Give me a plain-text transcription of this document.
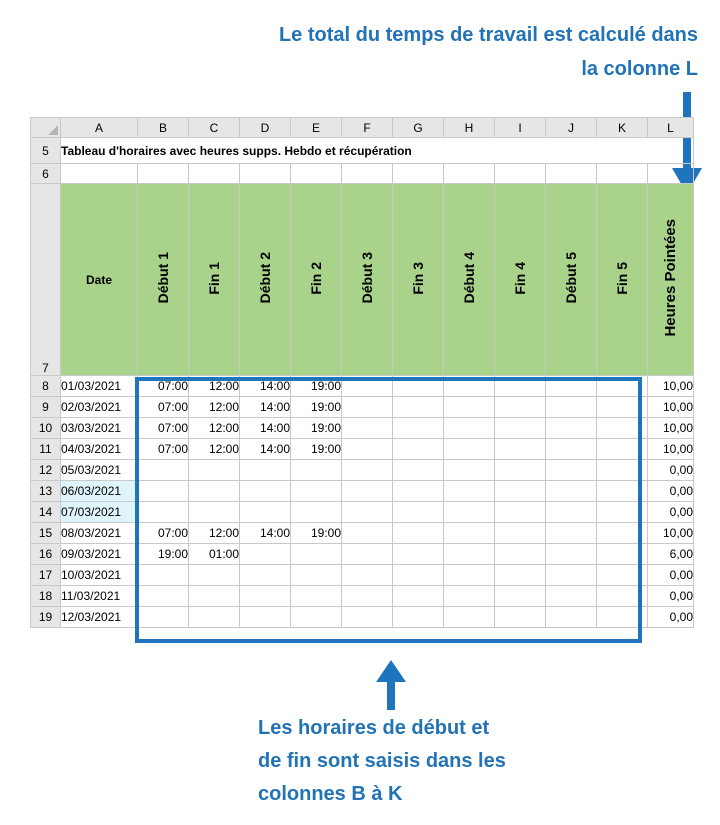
Le total du temps de travail est calculé dans
la colonne L
	A	B	C	D	E	F	G	H	I	J	K	L
5	Tableau d'horaires avec heures supps. Hebdo et récupération											
6												
7	Date	Début 1	Fin 1	Début 2	Fin 2	Début 3	Fin 3	Début 4	Fin 4	Début 5	Fin 5	Heures Pointées
8	01/03/2021	07:00	12:00	14:00	19:00							10,00
9	02/03/2021	07:00	12:00	14:00	19:00							10,00
10	03/03/2021	07:00	12:00	14:00	19:00							10,00
11	04/03/2021	07:00	12:00	14:00	19:00							10,00
12	05/03/2021											0,00
13	06/03/2021											0,00
14	07/03/2021											0,00
15	08/03/2021	07:00	12:00	14:00	19:00							10,00
16	09/03/2021	19:00	01:00									6,00
17	10/03/2021											0,00
18	11/03/2021											0,00
19	12/03/2021											0,00
Les horaires de début et
de fin sont saisis dans les
colonnes B à K
